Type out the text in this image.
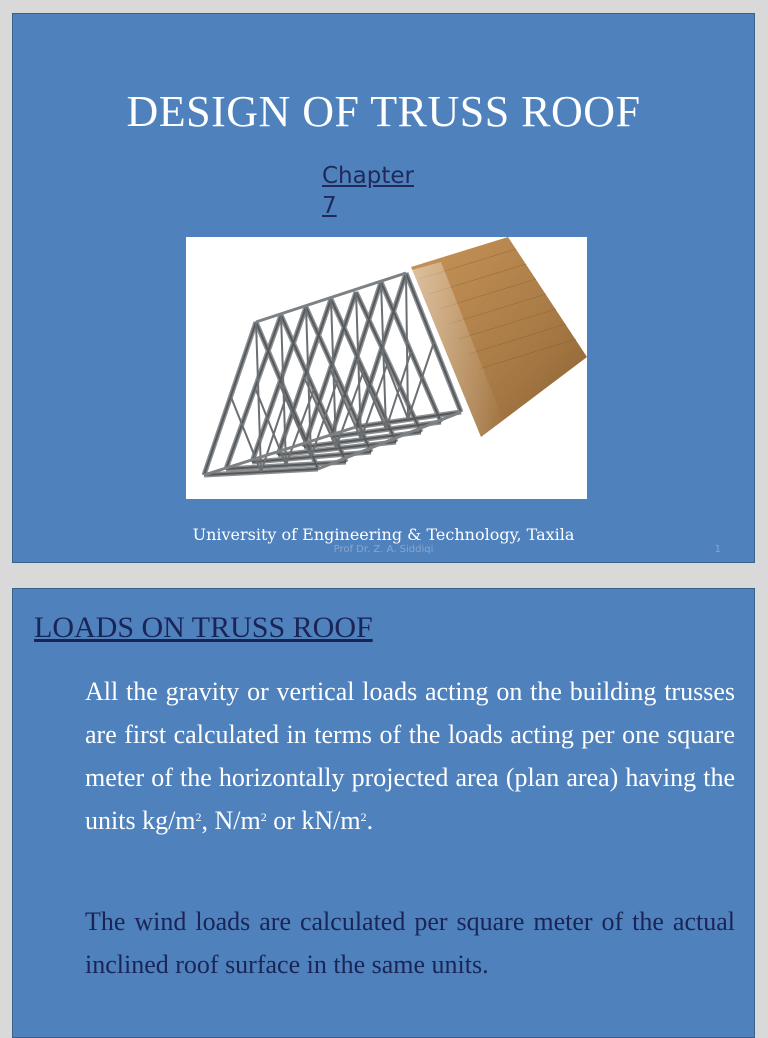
DESIGN OF TRUSS ROOF
Chapter
7
University of Engineering & Technology, Taxila
Prof Dr. Z. A. Siddiqi	1
LOADS ON TRUSS ROOF

All the gravity or vertical loads acting on the building trusses are first calculated in terms of the loads acting per one square meter of the horizontally projected area (plan area) having the units $kg/m^2$, $N/m^2$ or $kN/m^2$.

The wind loads are calculated per square meter of the actual inclined roof surface in the same units.
